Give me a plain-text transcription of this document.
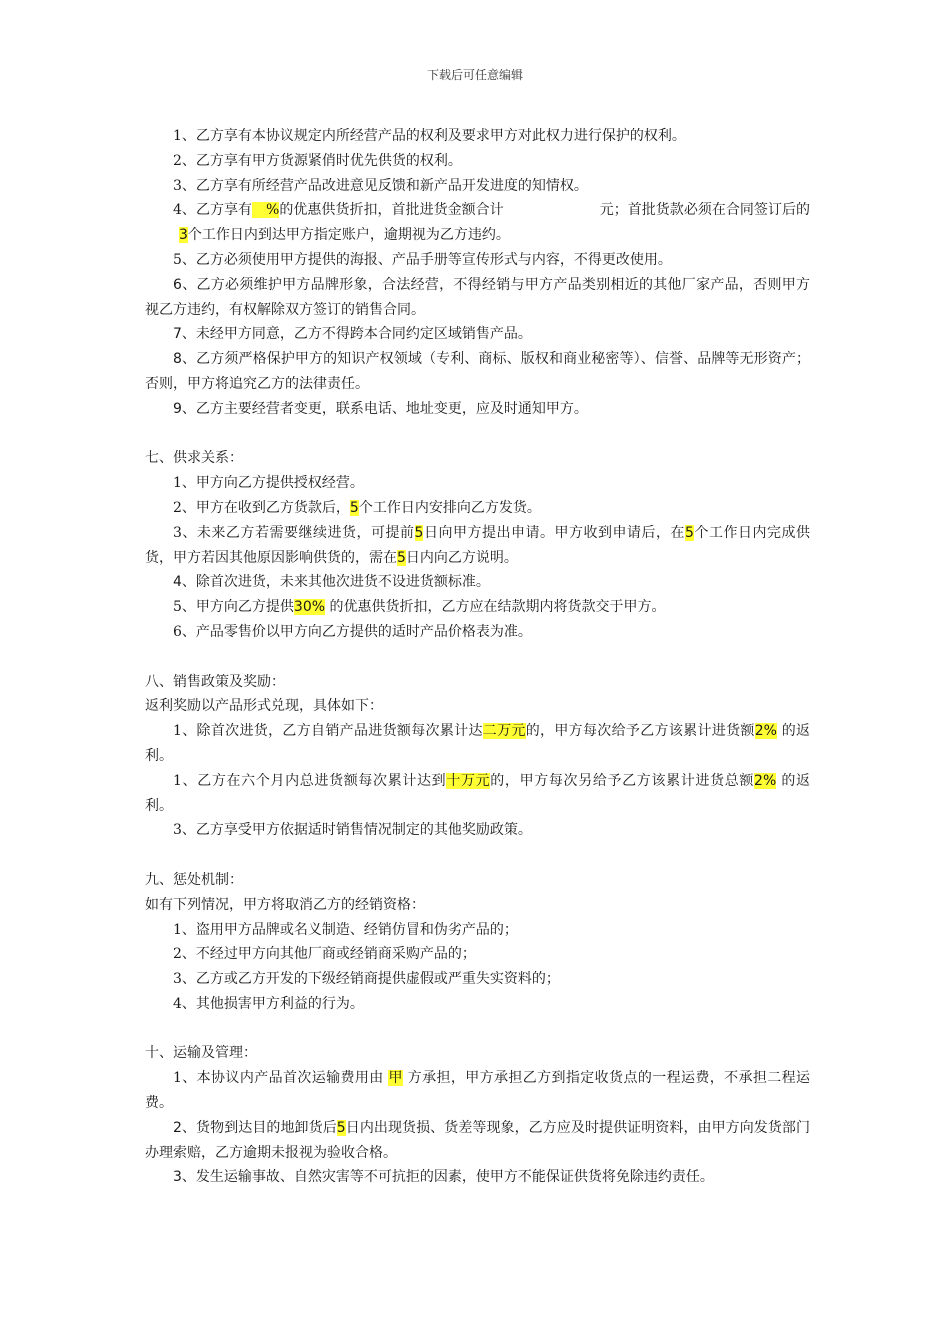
下载后可任意编辑

1、乙方享有本协议规定内所经营产品的权利及要求甲方对此权力进行保护的权利。

2、乙方享有甲方货源紧俏时优先供货的权利。

3、乙方享有所经营产品改进意见反馈和新产品开发进度的知情权。

4、乙方享有 %的优惠供货折扣，首批进货金额合计	元；首批货款必须在合同签订后的3个工作日内到达甲方指定账户，逾期视为乙方违约。

5、乙方必须使用甲方提供的海报、产品手册等宣传形式与内容，不得更改使用。

6、乙方必须维护甲方品牌形象，合法经营，不得经销与甲方产品类别相近的其他厂家产品，否则甲方视乙方违约，有权解除双方签订的销售合同。

7、未经甲方同意，乙方不得跨本合同约定区域销售产品。

8、乙方须严格保护甲方的知识产权领域（专利、商标、版权和商业秘密等）、信誉、品牌等无形资产；否则，甲方将追究乙方的法律责任。

9、乙方主要经营者变更，联系电话、地址变更，应及时通知甲方。

七、供求关系：

1、甲方向乙方提供授权经营。

2、甲方在收到乙方货款后，5个工作日内安排向乙方发货。

3、未来乙方若需要继续进货，可提前5日向甲方提出申请。甲方收到申请后，在5个工作日内完成供货，甲方若因其他原因影响供货的，需在5日内向乙方说明。

4、除首次进货，未来其他次进货不设进货额标准。

5、甲方向乙方提供30% 的优惠供货折扣，乙方应在结款期内将货款交于甲方。

6、产品零售价以甲方向乙方提供的适时产品价格表为准。

八、销售政策及奖励：

返利奖励以产品形式兑现，具体如下：

1、除首次进货，乙方自销产品进货额每次累计达二万元的，甲方每次给予乙方该累计进货额2% 的返利。

1、乙方在六个月内总进货额每次累计达到十万元的，甲方每次另给予乙方该累计进货总额2% 的返利。

3、乙方享受甲方依据适时销售情况制定的其他奖励政策。

九、惩处机制：

如有下列情况，甲方将取消乙方的经销资格：

1、盗用甲方品牌或名义制造、经销仿冒和伪劣产品的；

2、不经过甲方向其他厂商或经销商采购产品的；

3、乙方或乙方开发的下级经销商提供虚假或严重失实资料的；

4、其他损害甲方利益的行为。

十、运输及管理：

1、本协议内产品首次运输费用由 甲 方承担，甲方承担乙方到指定收货点的一程运费，不承担二程运费。

2、货物到达目的地卸货后5日内出现货损、货差等现象，乙方应及时提供证明资料，由甲方向发货部门办理索赔，乙方逾期未报视为验收合格。

3、发生运输事故、自然灾害等不可抗拒的因素，使甲方不能保证供货将免除违约责任。
